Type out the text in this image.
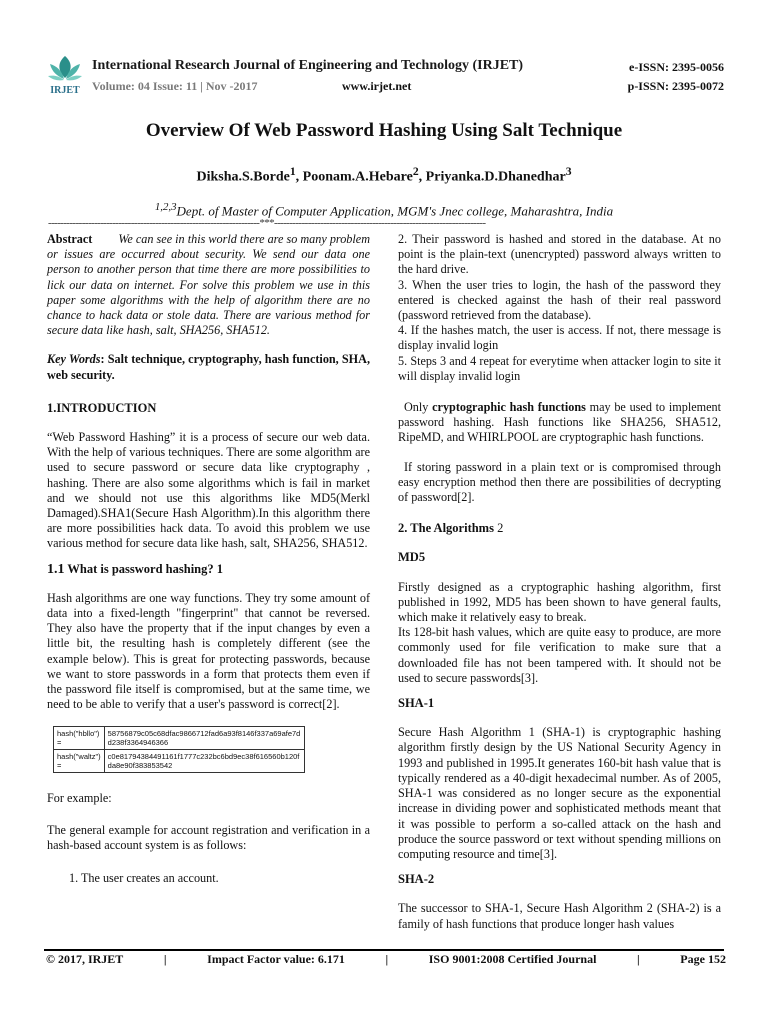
IRJET
International Research Journal of Engineering and Technology (IRJET)
Volume: 04 Issue: 11 | Nov -2017	www.irjet.net
e-ISSN: 2395-0056
p-ISSN: 2395-0072
Overview Of Web Password Hashing Using Salt Technique
Diksha.S.Borde$^1$, Poonam.A.Hebare$^2$, Priyanka.D.Dhanedhar$^3$
$^{1,2,3}$Dept. of Master of Computer Application, MGM's Jnec college, Maharashtra, India
---------------------------------------------------------------------***---------------------------------------------------------------------

Abstract We can see in this world there are so many problem or issues are occurred about security. We send our data one person to another person that time there are more possibilities to lick our data on internet. For solve this problem we use in this paper some algorithms with the help of algorithm there are no chance to hack data or stole data. There are various method for secure data like hash, salt, SHA256, SHA512.

Key Words: Salt technique, cryptography, hash function, SHA, web security.

1.INTRODUCTION

“Web Password Hashing” it is a process of secure our web data. With the help of various techniques. There are some algorithm are used to secure password or secure data like cryptography , hashing. There are also some algorithms which is fail in market and we should not use this algorithms like MD5(Merkl Damaged).SHA1(Secure Hash Algorithm).In this algorithm there are more possibilities hack data. To avoid this problem we use various method for secure data like hash, salt, SHA256, SHA512.

1.1 What is password hashing? 1

Hash algorithms are one way functions. They try some amount of data into a fixed-length "fingerprint" that cannot be reversed. They also have the property that if the input changes by even a little bit, the resulting hash is completely different (see the example below). This is great for protecting passwords, because we want to store passwords in a form that protects them even if the password file itself is compromised, but at the same time, we need to be able to verify that a user's password is correct[2].

hash("hbllo") =	58756879c05c68dfac9866712fad6a93f8146f337a69afe7dd238f3364946366
hash("waltz") =	c0e81794384491161f1777c232bc6bd9ec38f616560b120fda8e90f383853542

For example:

The general example for account registration and verification in a hash-based account system is as follows:

1. The user creates an account.

2. Their password is hashed and stored in the database. At no point is the plain-text (unencrypted) password always written to the hard drive.

3. When the user tries to login, the hash of the password they entered is checked against the hash of their real password (password retrieved from the database).

4. If the hashes match, the user is access. If not, there message is display invalid login

5. Steps 3 and 4 repeat for everytime when attacker login to site it will display invalid login

Only cryptographic hash functions may be used to implement password hashing. Hash functions like SHA256, SHA512, RipeMD, and WHIRLPOOL are cryptographic hash functions.

If storing password in a plain text or is compromised through easy encryption method then there are possibilities of decrypting of password[2].

2. The Algorithms 2
MD5

Firstly designed as a cryptographic hashing algorithm, first published in 1992, MD5 has been shown to have general faults, which make it relatively easy to break.

Its 128-bit hash values, which are quite easy to produce, are more commonly used for file verification to make sure that a downloaded file has not been tampered with. It should not be used to secure passwords[3].

SHA-1

Secure Hash Algorithm 1 (SHA-1) is cryptographic hashing algorithm firstly design by the US National Security Agency in 1993 and published in 1995.It generates 160-bit hash value that is typically rendered as a 40-digit hexadecimal number. As of 2005, SHA-1 was considered as no longer secure as the exponential increase in dividing power and sophisticated methods meant that it was possible to perform a so-called attack on the hash and produce the source password or text without spending millions on computing resource and time[3].

SHA-2

The successor to SHA-1, Secure Hash Algorithm 2 (SHA-2) is a family of hash functions that produce longer hash values

© 2017, IRJET	|	Impact Factor value: 6.171	|	ISO 9001:2008 Certified Journal	|	Page 152
